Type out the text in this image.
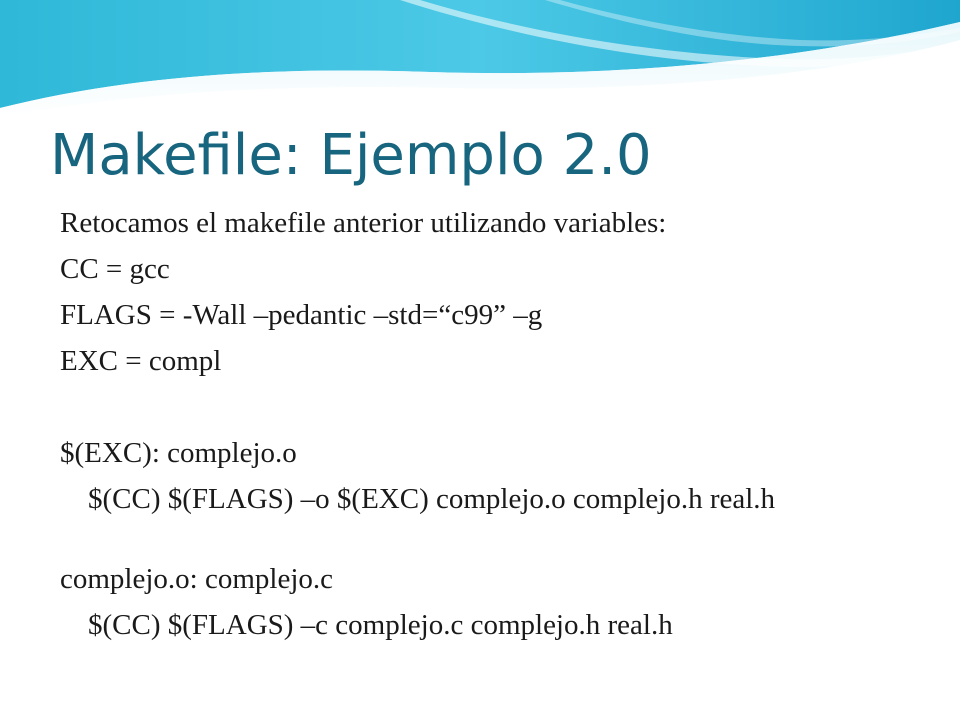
Makefile: Ejemplo 2.0

Retocamos el makefile anterior utilizando variables:

CC = gcc

FLAGS = -Wall –pedantic –std=“c99” –g

EXC = compl

$(EXC): complejo.o

$(CC) $(FLAGS) –o $(EXC) complejo.o complejo.h real.h

complejo.o: complejo.c

$(CC) $(FLAGS) –c complejo.c complejo.h real.h
